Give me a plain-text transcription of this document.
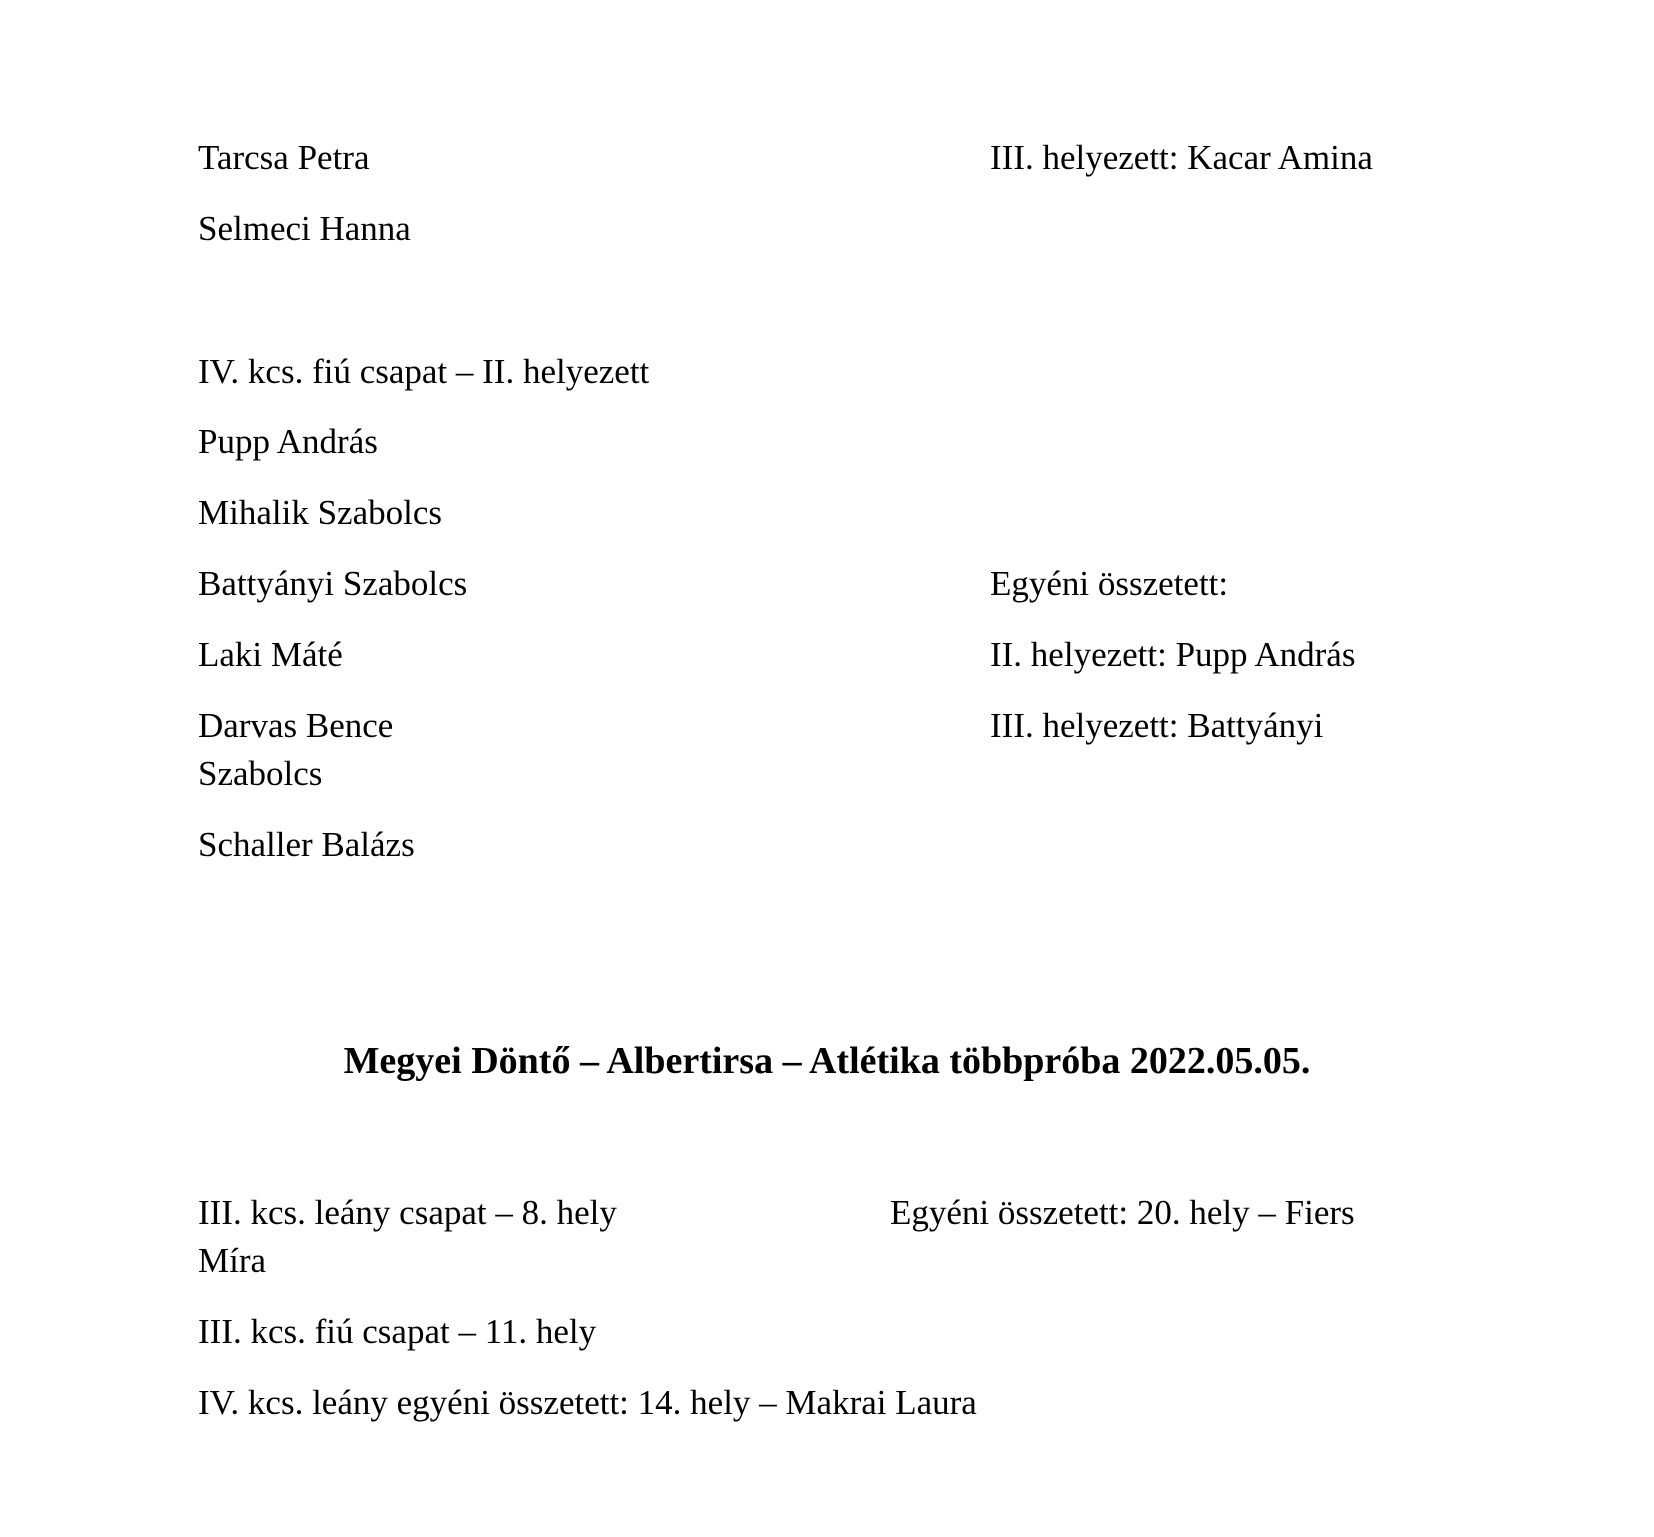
Tarcsa Petra	III. helyezett: Kacar Amina
Selmeci Hanna
IV. kcs. fiú csapat – II. helyezett
Pupp András
Mihalik Szabolcs
Battyányi Szabolcs	Egyéni összetett:
Laki Máté	II. helyezett: Pupp András
Darvas Bence	III. helyezett: Battyányi
Szabolcs
Schaller Balázs
Megyei Döntő – Albertirsa – Atlétika többpróba 2022.05.05.
III. kcs. leány csapat – 8. hely	Egyéni összetett: 20. hely – Fiers
Míra
III. kcs. fiú csapat – 11. hely
IV. kcs. leány egyéni összetett: 14. hely – Makrai Laura
